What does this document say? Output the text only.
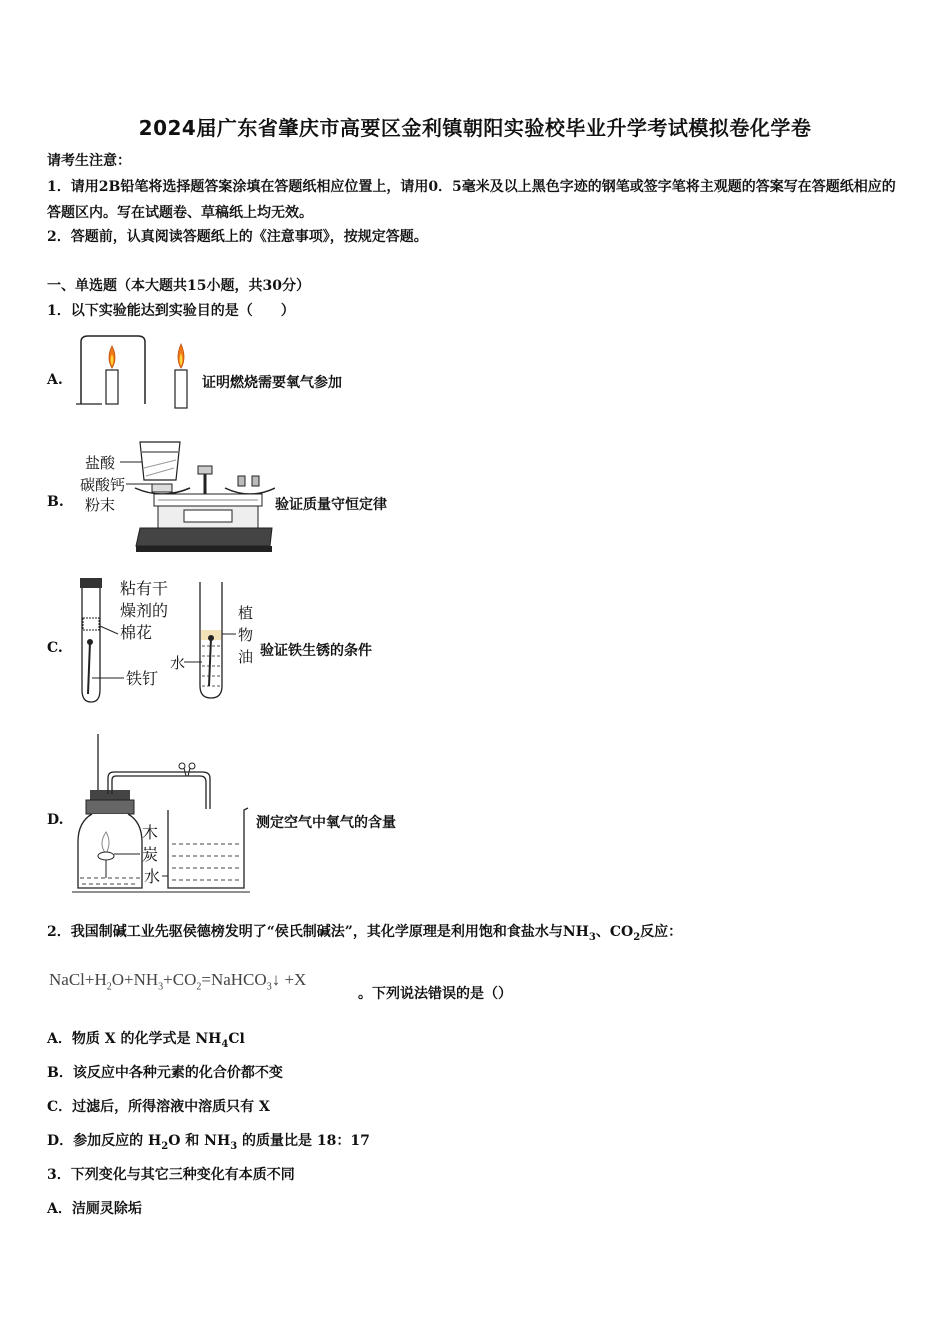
2024届广东省肇庆市高要区金利镇朝阳实验校毕业升学考试模拟卷化学卷
请考生注意：
1．请用2B铅笔将选择题答案涂填在答题纸相应位置上，请用0．5毫米及以上黑色字迹的钢笔或签字笔将主观题的答案写在答题纸相应的答题区内。写在试题卷、草稿纸上均无效。
2．答题前，认真阅读答题纸上的《注意事项》，按规定答题。
一、单选题（本大题共15小题，共30分）
1．以下实验能达到实验目的是（　　）
A.	证明燃烧需要氧气参加
B.
盐酸
碳酸钙
粉末	验证质量守恒定律
C.
粘有干
燥剂的
棉花
铁钉
水
植
物
油 验证铁生锈的条件
D.
木
炭
水
测定空气中氧气的含量
2．我国制碱工业先驱侯德榜发明了“侯氏制碱法”，其化学原理是利用饱和食盐水与$NH_3$、$CO_2$反应：
$NaCl+H_2O+NH_3+CO_2=NaHCO_3↓ +X$
。下列说法错误的是（）
A．物质 X 的化学式是 $NH_4Cl$
B．该反应中各种元素的化合价都不变
C．过滤后，所得溶液中溶质只有 X
D．参加反应的 $H_2O$ 和 $NH_3$ 的质量比是 18：17
3．下列变化与其它三种变化有本质不同
A．洁厕灵除垢
